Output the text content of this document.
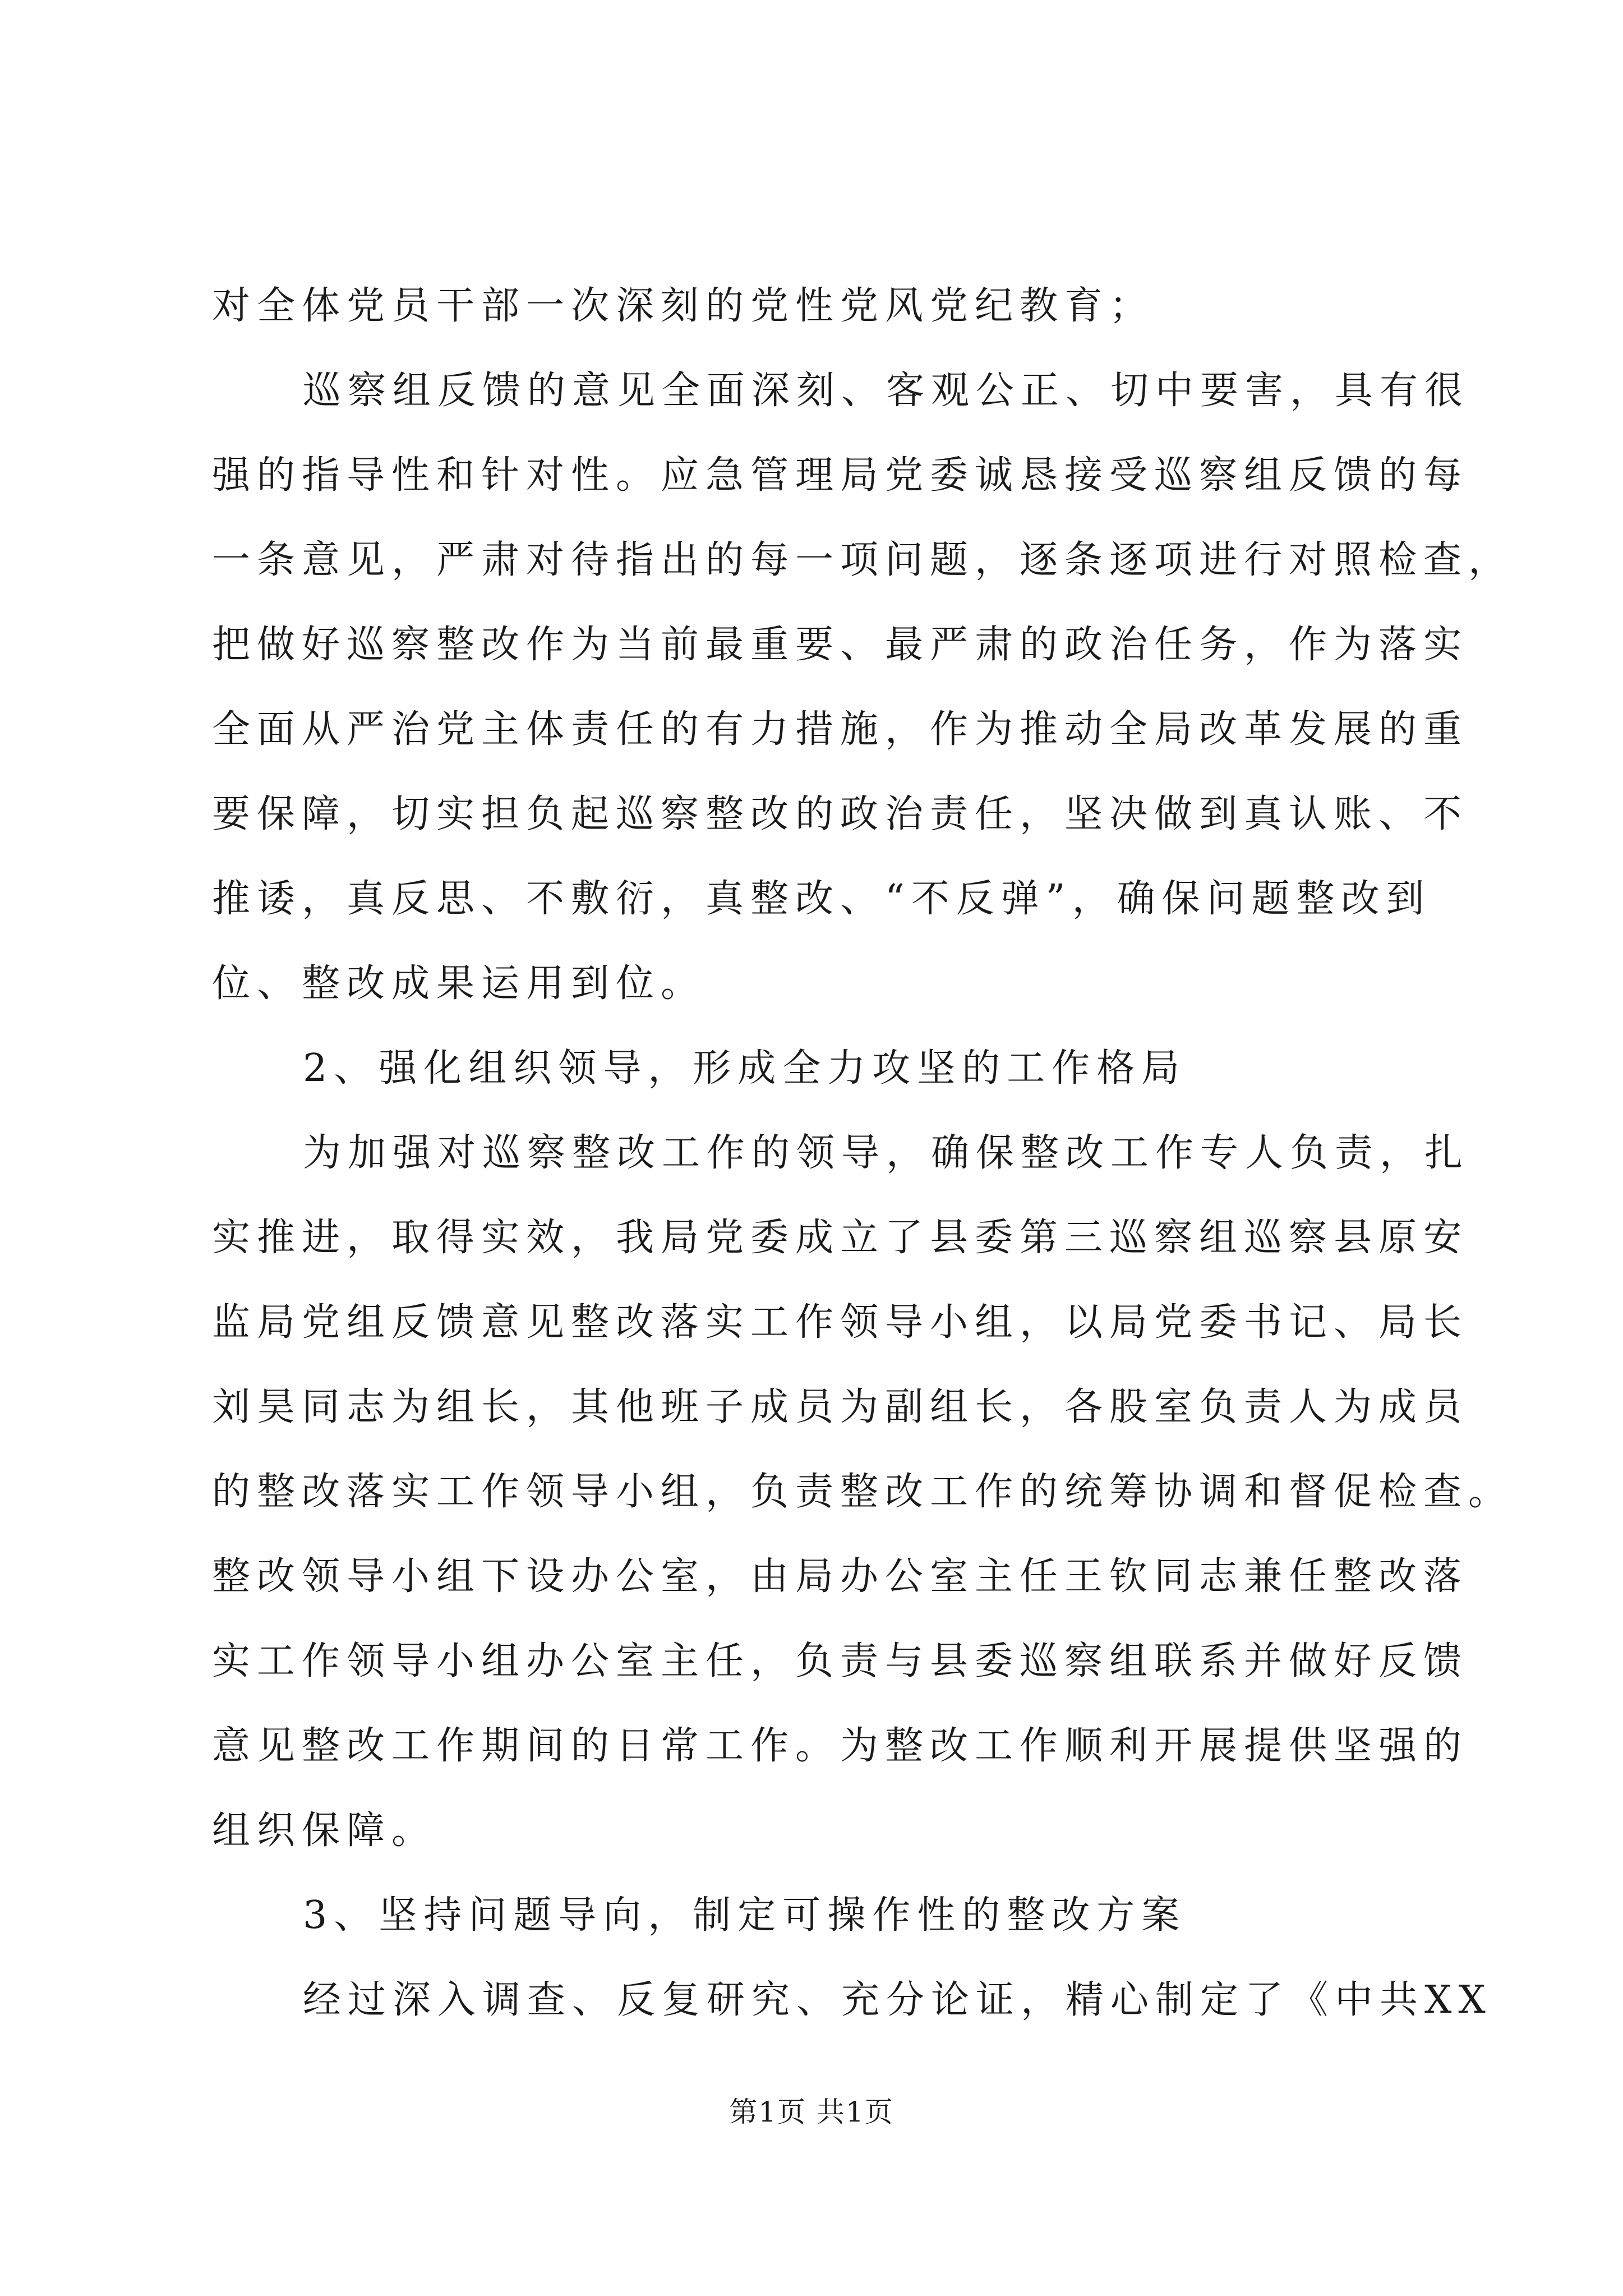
对全体党员干部一次深刻的党性党风党纪教育；
巡察组反馈的意见全面深刻、客观公正、切中要害，具有很
强的指导性和针对性。应急管理局党委诚恳接受巡察组反馈的每
一条意见，严肃对待指出的每一项问题，逐条逐项进行对照检查，
把做好巡察整改作为当前最重要、最严肃的政治任务，作为落实
全面从严治党主体责任的有力措施，作为推动全局改革发展的重
要保障，切实担负起巡察整改的政治责任，坚决做到真认账、不
推诿，真反思、不敷衍，真整改、“不反弹”，确保问题整改到
位、整改成果运用到位。
2、强化组织领导，形成全力攻坚的工作格局
为加强对巡察整改工作的领导，确保整改工作专人负责，扎
实推进，取得实效，我局党委成立了县委第三巡察组巡察县原安
监局党组反馈意见整改落实工作领导小组，以局党委书记、局长
刘昊同志为组长，其他班子成员为副组长，各股室负责人为成员
的整改落实工作领导小组，负责整改工作的统筹协调和督促检查。
整改领导小组下设办公室，由局办公室主任王钦同志兼任整改落
实工作领导小组办公室主任，负责与县委巡察组联系并做好反馈
意见整改工作期间的日常工作。为整改工作顺利开展提供坚强的
组织保障。
3、坚持问题导向，制定可操作性的整改方案
经过深入调查、反复研究、充分论证，精心制定了《中共XX
第1页 共1页
